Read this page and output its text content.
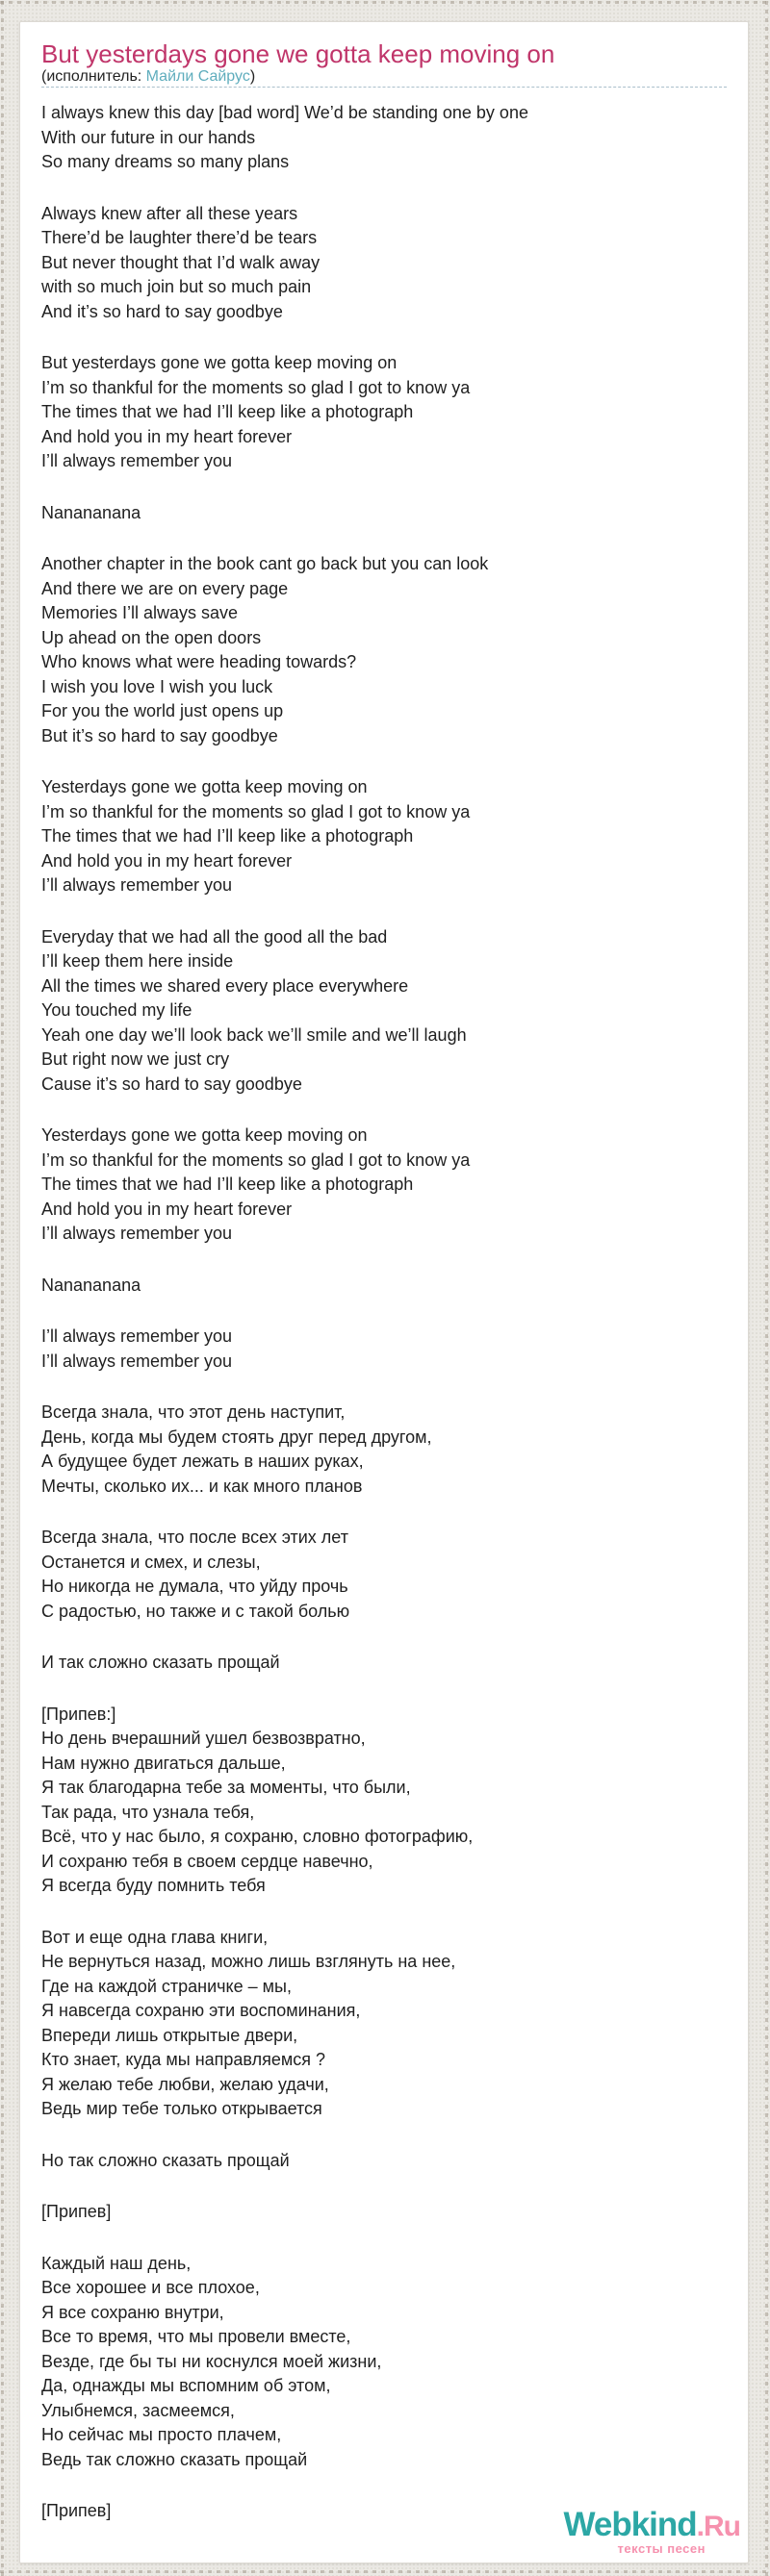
But yesterdays gone we gotta keep moving on
(исполнитель: Майли Сайрус)

I always knew this day [bad word] We’d be standing one by one
With our future in our hands
So many dreams so many plans

Always knew after all these years
There’d be laughter there’d be tears
But never thought that I’d walk away
with so much join but so much pain
And it’s so hard to say goodbye

But yesterdays gone we gotta keep moving on
I’m so thankful for the moments so glad I got to know ya
The times that we had I’ll keep like a photograph
And hold you in my heart forever
I’ll always remember you

Nanananana

Another chapter in the book cant go back but you can look
And there we are on every page
Memories I’ll always save
Up ahead on the open doors
Who knows what were heading towards?
I wish you love I wish you luck
For you the world just opens up
But it’s so hard to say goodbye

Yesterdays gone we gotta keep moving on
I’m so thankful for the moments so glad I got to know ya
The times that we had I’ll keep like a photograph
And hold you in my heart forever
I’ll always remember you

Everyday that we had all the good all the bad
I’ll keep them here inside
All the times we shared every place everywhere
You touched my life
Yeah one day we’ll look back we’ll smile and we’ll laugh
But right now we just cry
Cause it’s so hard to say goodbye

Yesterdays gone we gotta keep moving on
I’m so thankful for the moments so glad I got to know ya
The times that we had I’ll keep like a photograph
And hold you in my heart forever
I’ll always remember you

Nanananana

I’ll always remember you
I’ll always remember you

Всегда знала, что этот день наступит,
День, когда мы будем стоять друг перед другом,
А будущее будет лежать в наших руках,
Мечты, сколько их... и как много планов

Всегда знала, что после всех этих лет
Останется и смех, и слезы,
Но никогда не думала, что уйду прочь
С радостью, но также и с такой болью

И так сложно сказать прощай

[Припев:]
Но день вчерашний ушел безвозвратно,
Нам нужно двигаться дальше,
Я так благодарна тебе за моменты, что были,
Так рада, что узнала тебя,
Всё, что у нас было, я сохраню, словно фотографию,
И сохраню тебя в своем сердце навечно,
Я всегда буду помнить тебя

Вот и еще одна глава книги,
Не вернуться назад, можно лишь взглянуть на нее,
Где на каждой страничке – мы,
Я навсегда сохраню эти воспоминания,
Впереди лишь открытые двери,
Кто знает, куда мы направляемся ?
Я желаю тебе любви, желаю удачи,
Ведь мир тебе только открывается

Но так сложно сказать прощай

[Припев]

Каждый наш день,
Все хорошее и все плохое,
Я все сохраню внутри,
Все то время, что мы провели вместе,
Везде, где бы ты ни коснулся моей жизни,
Да, однажды мы вспомним об этом,
Улыбнемся, засмеемся,
Но сейчас мы просто плачем,
Ведь так сложно сказать прощай

[Припев]	Webkind.Ru
тексты песен
